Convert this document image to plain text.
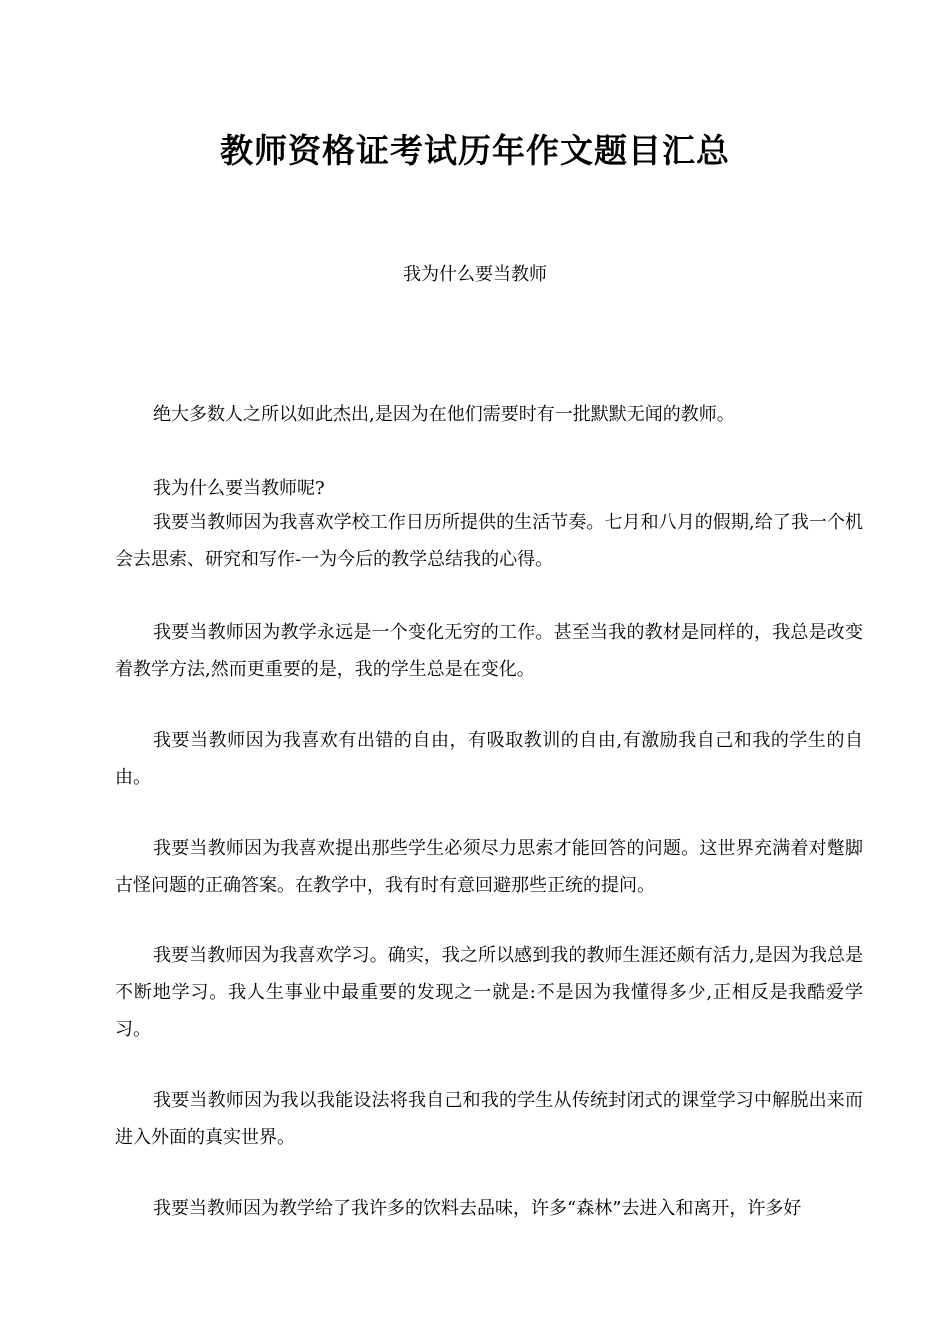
教师资格证考试历年作文题目汇总
我为什么要当教师

绝大多数人之所以如此杰出,是因为在他们需要时有一批默默无闻的教师。

我为什么要当教师呢?

我要当教师因为我喜欢学校工作日历所提供的生活节奏。七月和八月的假期,给了我一个机会去思索、研究和写作-一为今后的教学总结我的心得。

我要当教师因为教学永远是一个变化无穷的工作。甚至当我的教材是同样的，我总是改变着教学方法,然而更重要的是，我的学生总是在变化。

我要当教师因为我喜欢有出错的自由，有吸取教训的自由,有激励我自己和我的学生的自由。

我要当教师因为我喜欢提出那些学生必须尽力思索才能回答的问题。这世界充满着对蹩脚古怪问题的正确答案。在教学中，我有时有意回避那些正统的提问。

我要当教师因为我喜欢学习。确实，我之所以感到我的教师生涯还颇有活力,是因为我总是不断地学习。我人生事业中最重要的发现之一就是:不是因为我懂得多少,正相反是我酷爱学习。

我要当教师因为我以我能设法将我自己和我的学生从传统封闭式的课堂学习中解脱出来而进入外面的真实世界。

我要当教师因为教学给了我许多的饮料去品味，许多“森林”去进入和离开，许多好
